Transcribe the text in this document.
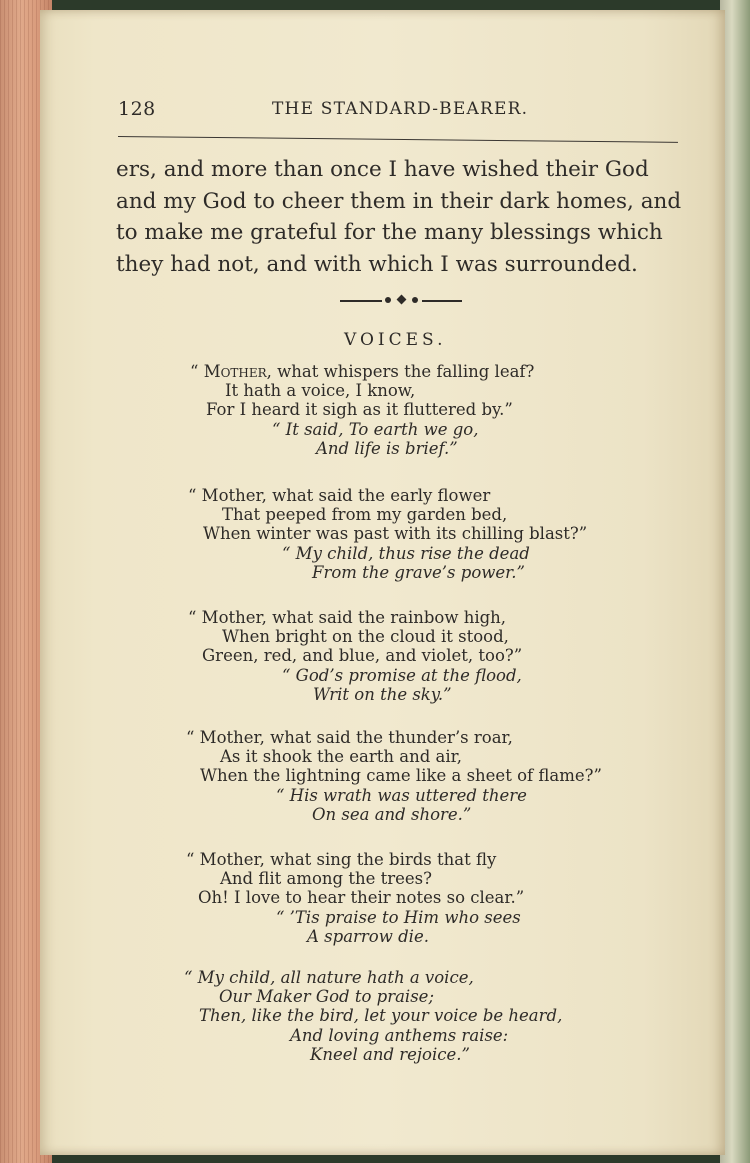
128	THE STANDARD-BEARER.
ers, and more than once I have wished their God
and my God to cheer them in their dark homes, and
to make me grateful for the many blessings which
they had not, and with which I was surrounded.
VOICES.
“ Mother, what whispers the falling leaf?
It hath a voice, I know,
For I heard it sigh as it fluttered by.”
“ It said, To earth we go,
And life is brief.”
“ Mother, what said the early flower
That peeped from my garden bed,
When winter was past with its chilling blast?”
“ My child, thus rise the dead
From the grave’s power.”
“ Mother, what said the rainbow high,
When bright on the cloud it stood,
Green, red, and blue, and violet, too?”
“ God’s promise at the flood,
Writ on the sky.”
“ Mother, what said the thunder’s roar,
As it shook the earth and air,
When the lightning came like a sheet of flame?”
“ His wrath was uttered there
On sea and shore.”
“ Mother, what sing the birds that fly
And flit among the trees?
Oh! I love to hear their notes so clear.”
“ ’Tis praise to Him who sees
A sparrow die.
“ My child, all nature hath a voice,
Our Maker God to praise;
Then, like the bird, let your voice be heard,
And loving anthems raise:
Kneel and rejoice.”
